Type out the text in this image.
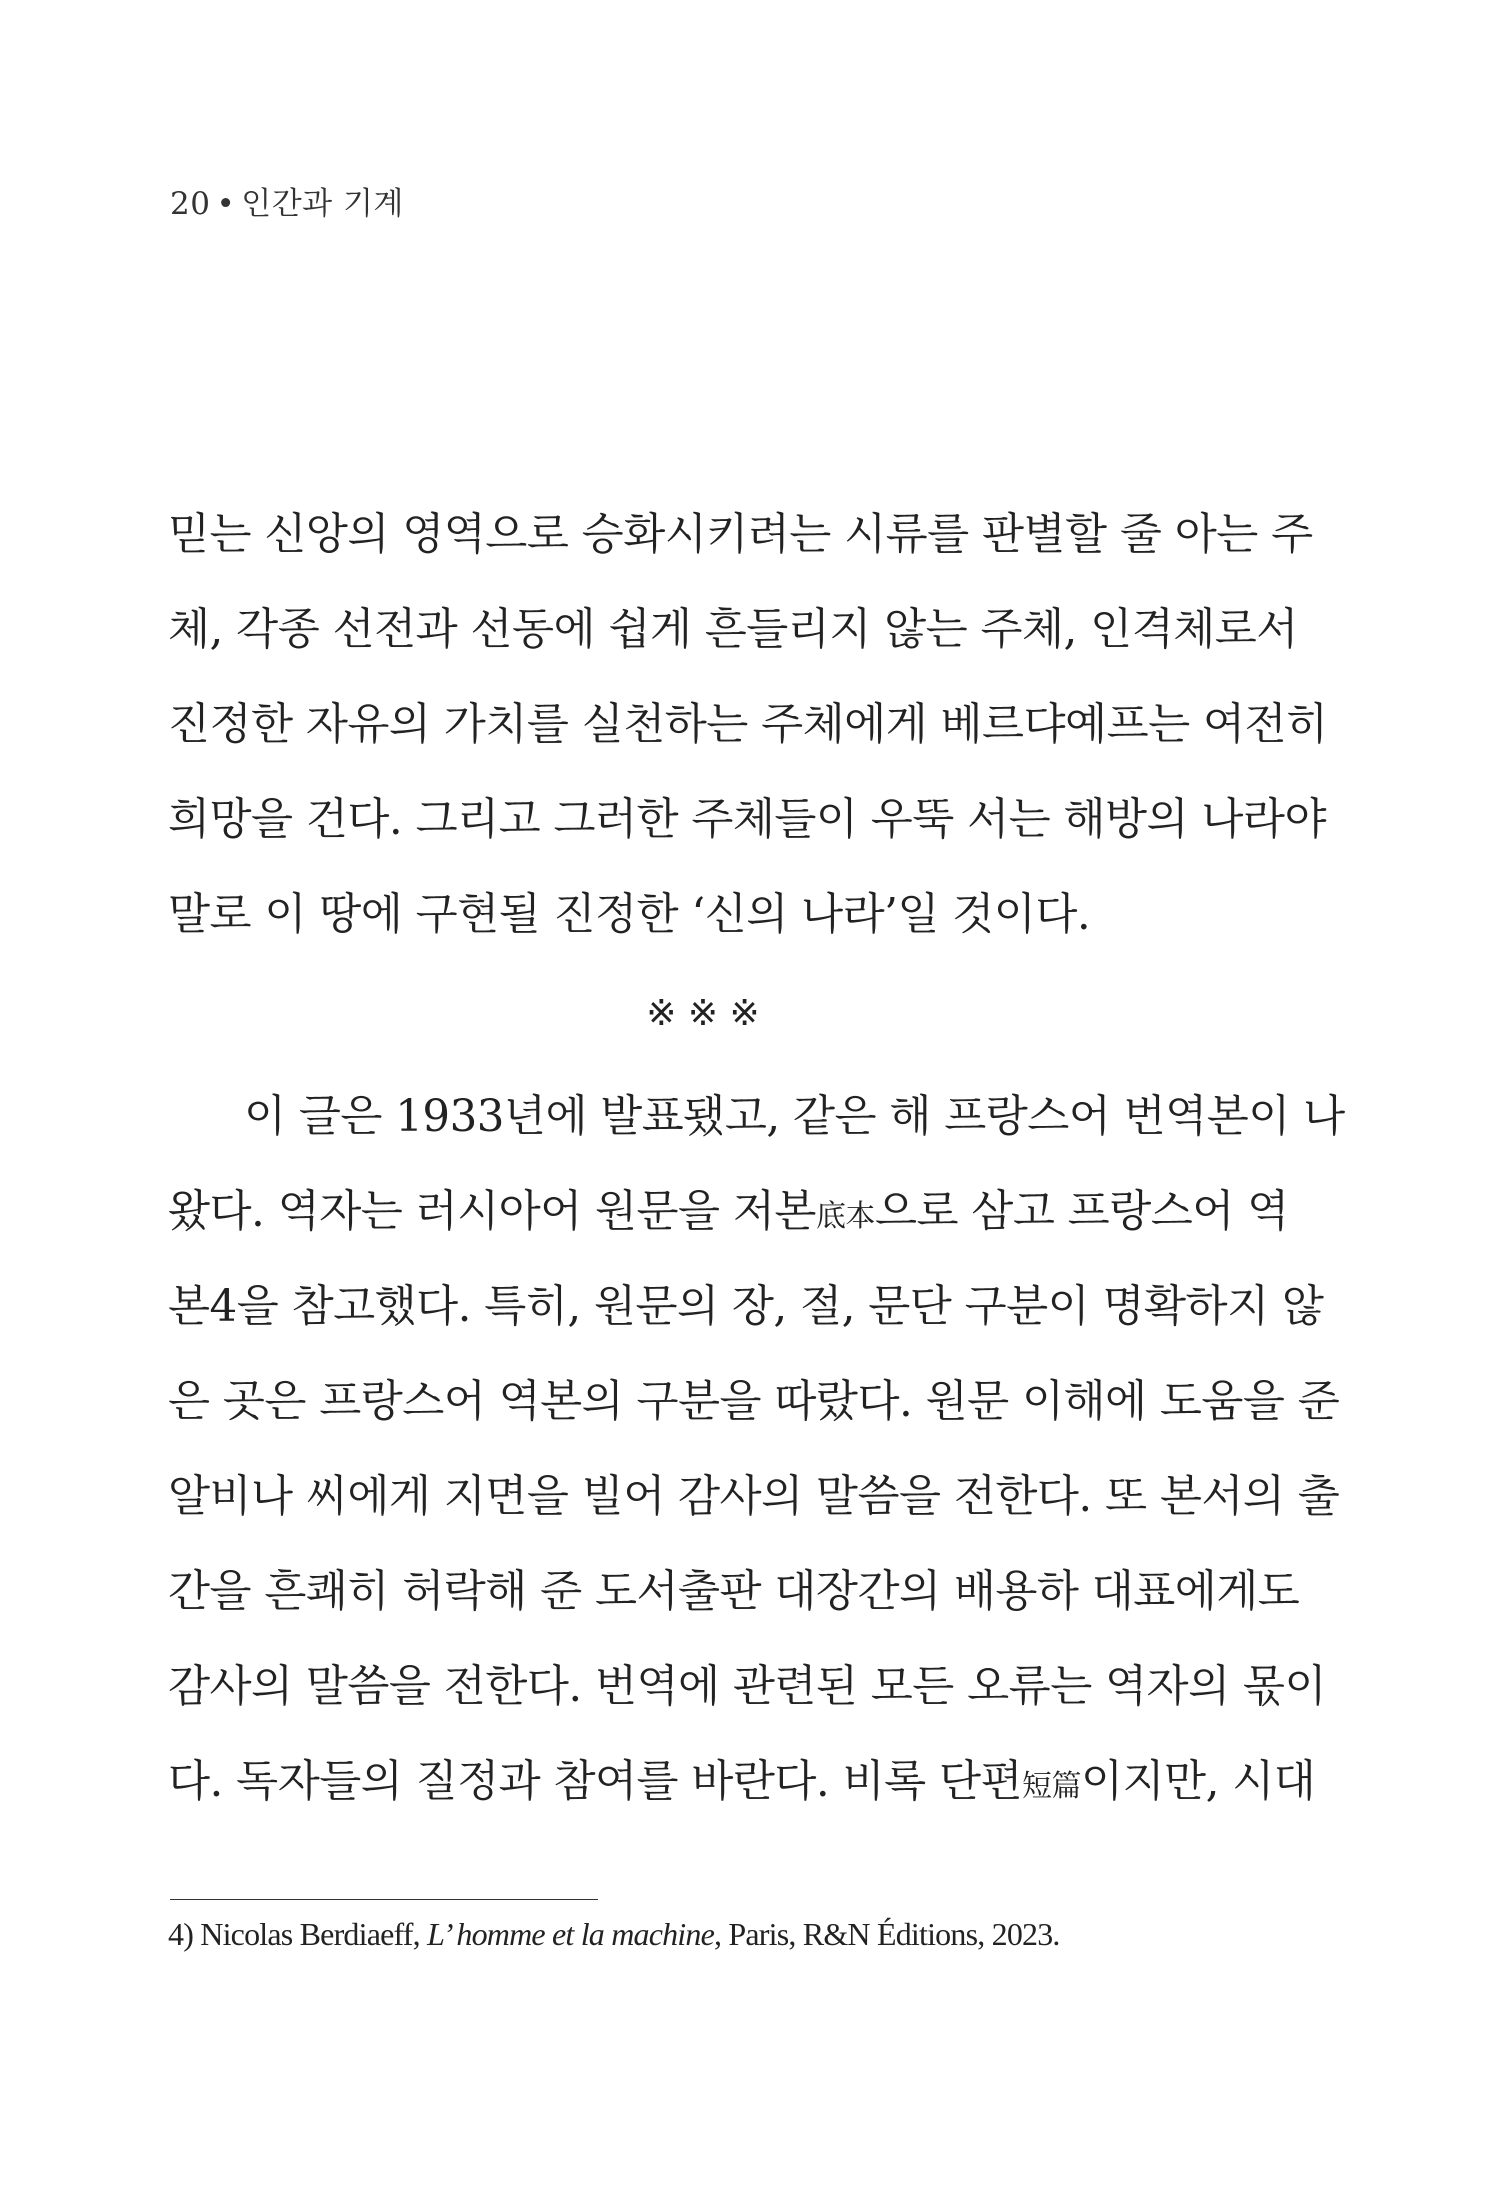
20 • 인간과 기계
믿는 신앙의 영역으로 승화시키려는 시류를 판별할 줄 아는 주
체, 각종 선전과 선동에 쉽게 흔들리지 않는 주체, 인격체로서
진정한 자유의 가치를 실천하는 주체에게 베르댜예프는 여전히
희망을 건다. 그리고 그러한 주체들이 우뚝 서는 해방의 나라야
말로 이 땅에 구현될 진정한 ‘신의 나라’일 것이다.
※ ※ ※
이 글은 1933년에 발표됐고, 같은 해 프랑스어 번역본이 나
왔다. 역자는 러시아어 원문을 저본底本으로 삼고 프랑스어 역
본4을 참고했다. 특히, 원문의 장, 절, 문단 구분이 명확하지 않
은 곳은 프랑스어 역본의 구분을 따랐다. 원문 이해에 도움을 준
알비나 씨에게 지면을 빌어 감사의 말씀을 전한다. 또 본서의 출
간을 흔쾌히 허락해 준 도서출판 대장간의 배용하 대표에게도
감사의 말씀을 전한다. 번역에 관련된 모든 오류는 역자의 몫이
다. 독자들의 질정과 참여를 바란다. 비록 단편短篇이지만, 시대
4) Nicolas Berdiaeff, L’ homme et la machine, Paris, R&N Éditions, 2023.
